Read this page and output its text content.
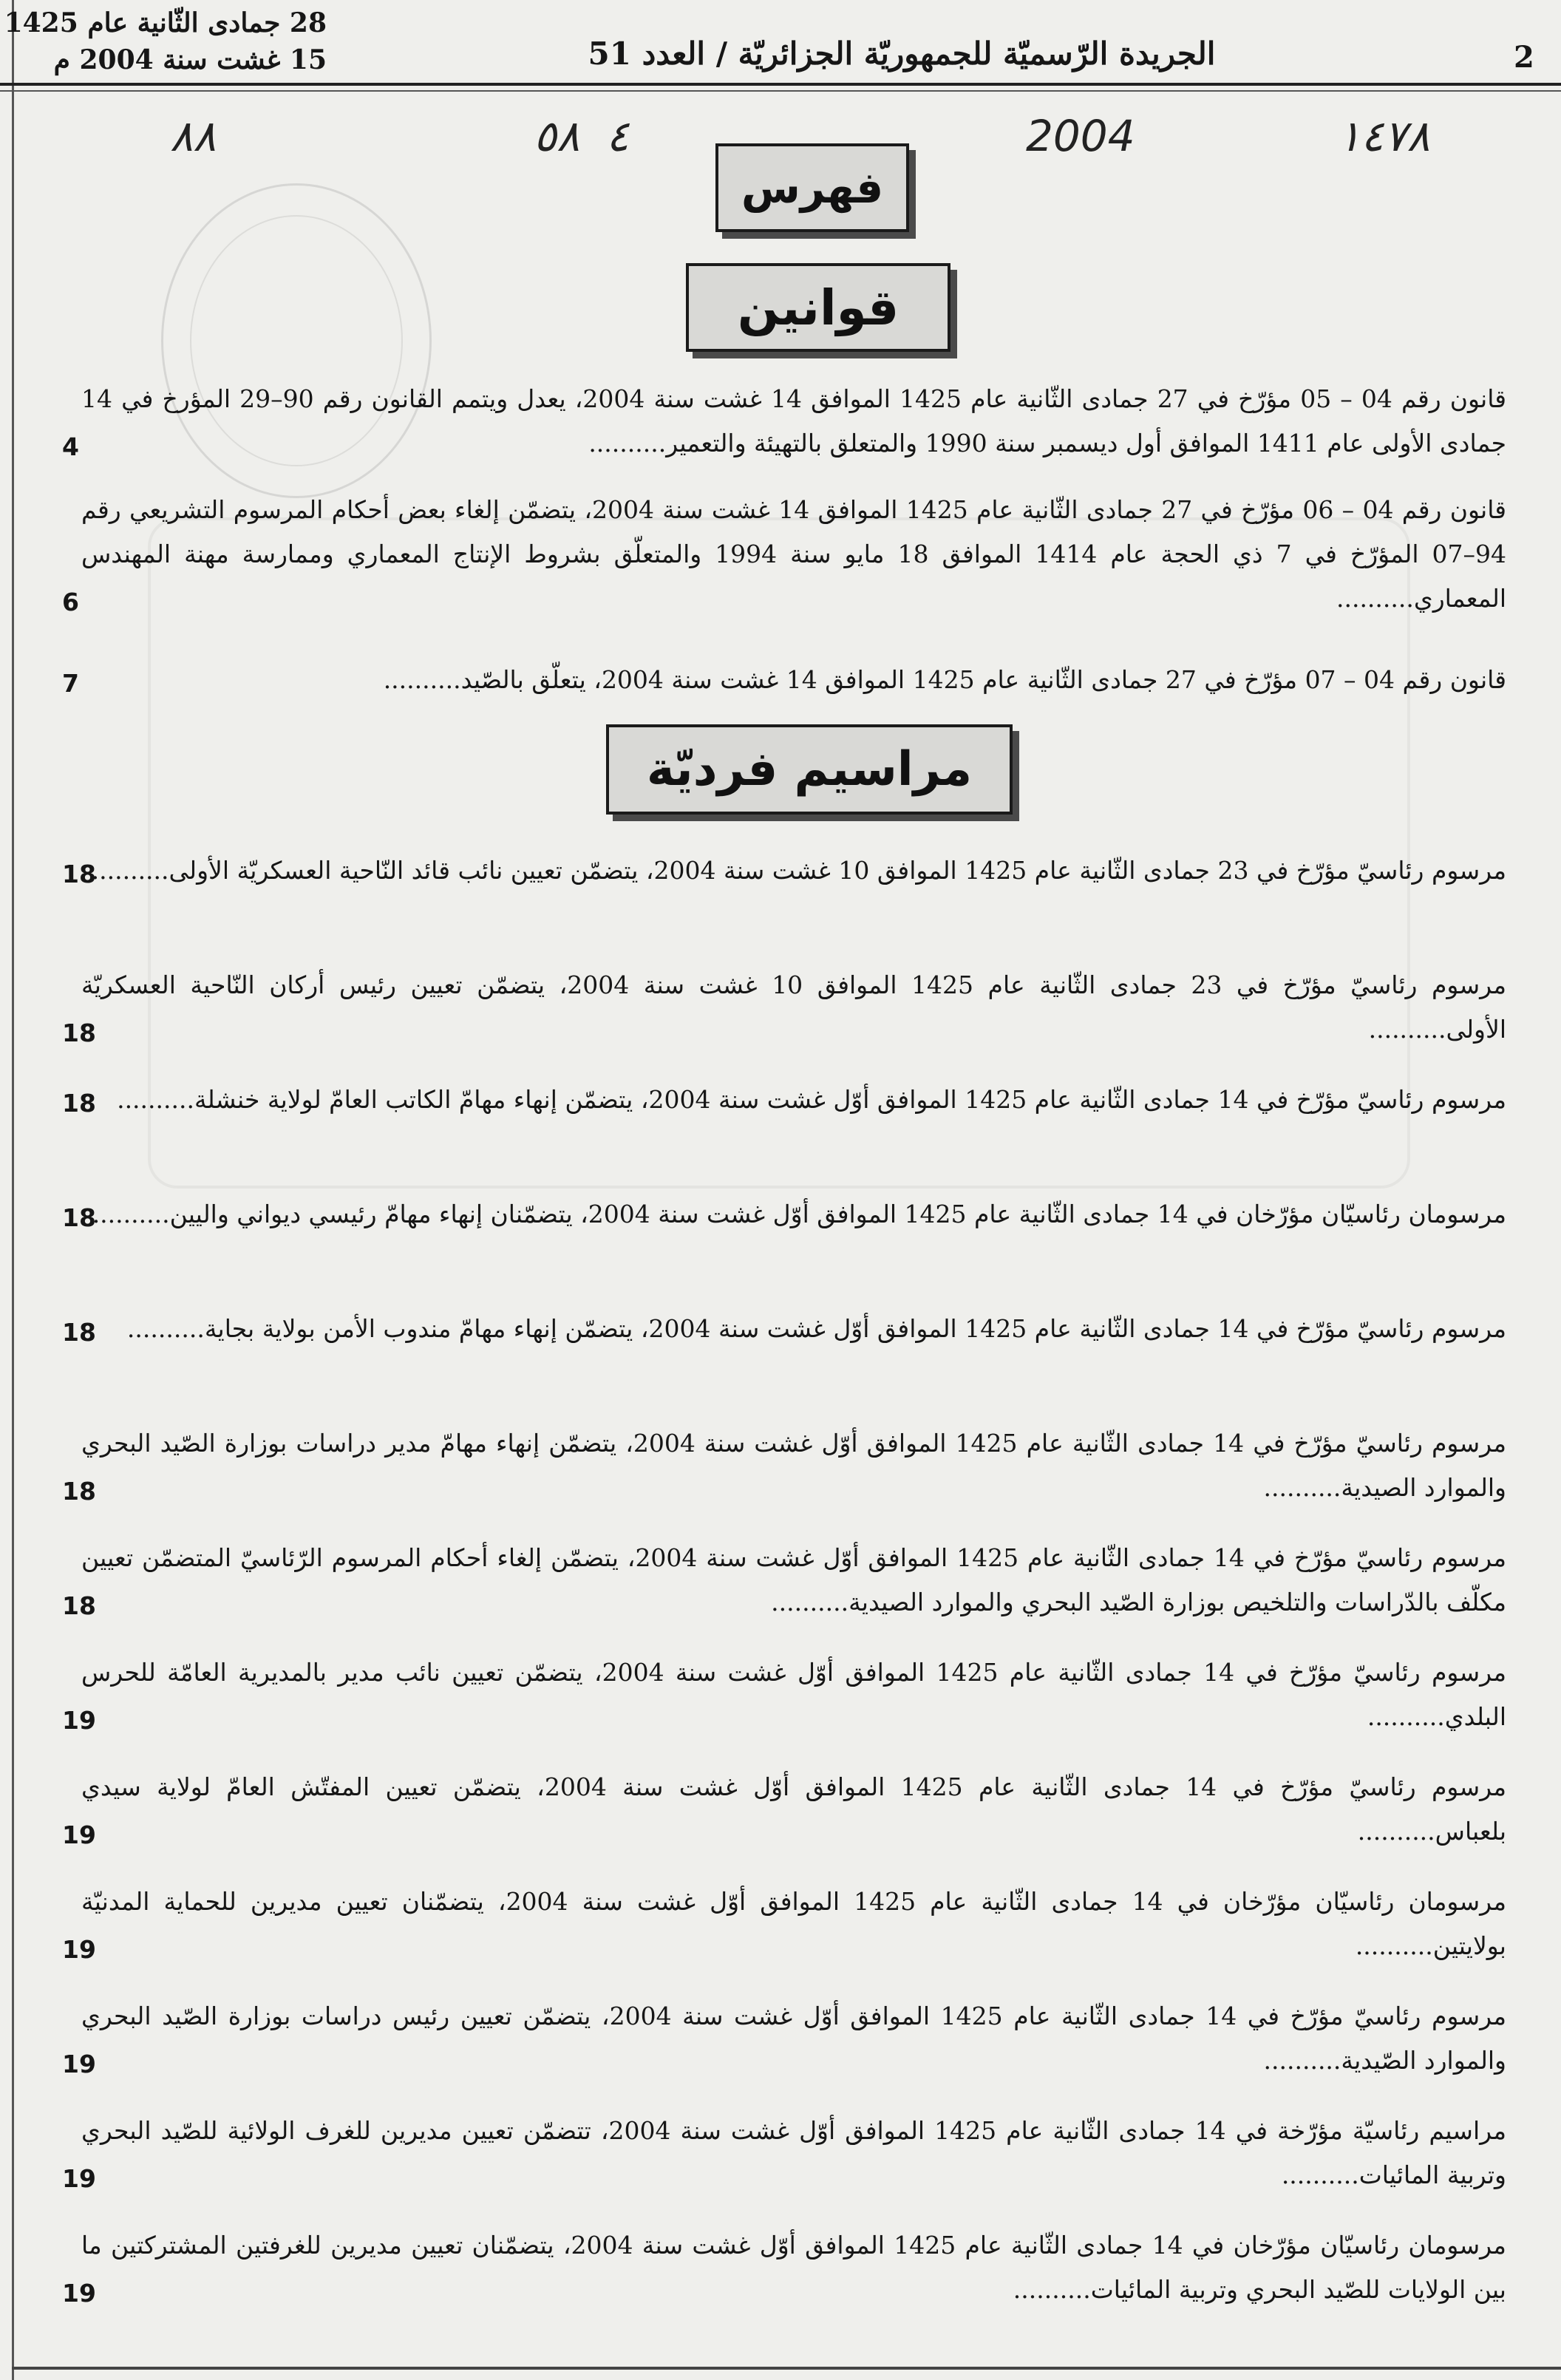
2
الجريدة الرّسميّة للجمهوريّة الجزائريّة / العدد 51
28 جمادى الثّانية عام 1425
15 غشت سنة 2004 م
١٤٧٨
2004
٤
٥٨
٨٨
فهرس
قوانين
مراسيم فرديّة
قانون رقم 04 – 05 مؤرّخ في 27 جمادى الثّانية عام 1425 الموافق 14 غشت سنة 2004، يعدل ويتمم القانون رقم 90–29 المؤرخ في 14 جمادى الأولى عام 1411 الموافق أول ديسمبر سنة 1990 والمتعلق بالتهيئة والتعمير..........
4
قانون رقم 04 – 06 مؤرّخ في 27 جمادى الثّانية عام 1425 الموافق 14 غشت سنة 2004، يتضمّن إلغاء بعض أحكام المرسوم التشريعي رقم 94–07 المؤرّخ في 7 ذي الحجة عام 1414 الموافق 18 مايو سنة 1994 والمتعلّق بشروط الإنتاج المعماري وممارسة مهنة المهندس المعماري..........
6
قانون رقم 04 – 07 مؤرّخ في 27 جمادى الثّانية عام 1425 الموافق 14 غشت سنة 2004، يتعلّق بالصّيد..........
7
مرسوم رئاسيّ مؤرّخ في 23 جمادى الثّانية عام 1425 الموافق 10 غشت سنة 2004، يتضمّن تعيين نائب قائد النّاحية العسكريّة الأولى..........
18
مرسوم رئاسيّ مؤرّخ في 23 جمادى الثّانية عام 1425 الموافق 10 غشت سنة 2004، يتضمّن تعيين رئيس أركان النّاحية العسكريّة الأولى..........
18
مرسوم رئاسيّ مؤرّخ في 14 جمادى الثّانية عام 1425 الموافق أوّل غشت سنة 2004، يتضمّن إنهاء مهامّ الكاتب العامّ لولاية خنشلة..........
18
مرسومان رئاسيّان مؤرّخان في 14 جمادى الثّانية عام 1425 الموافق أوّل غشت سنة 2004، يتضمّنان إنهاء مهامّ رئيسي ديواني واليين..........
18
مرسوم رئاسيّ مؤرّخ في 14 جمادى الثّانية عام 1425 الموافق أوّل غشت سنة 2004، يتضمّن إنهاء مهامّ مندوب الأمن بولاية بجاية..........
18
مرسوم رئاسيّ مؤرّخ في 14 جمادى الثّانية عام 1425 الموافق أوّل غشت سنة 2004، يتضمّن إنهاء مهامّ مدير دراسات بوزارة الصّيد البحري والموارد الصيدية..........
18
مرسوم رئاسيّ مؤرّخ في 14 جمادى الثّانية عام 1425 الموافق أوّل غشت سنة 2004، يتضمّن إلغاء أحكام المرسوم الرّئاسيّ المتضمّن تعيين مكلّف بالدّراسات والتلخيص بوزارة الصّيد البحري والموارد الصيدية..........
18
مرسوم رئاسيّ مؤرّخ في 14 جمادى الثّانية عام 1425 الموافق أوّل غشت سنة 2004، يتضمّن تعيين نائب مدير بالمديرية العامّة للحرس البلدي..........
19
مرسوم رئاسيّ مؤرّخ في 14 جمادى الثّانية عام 1425 الموافق أوّل غشت سنة 2004، يتضمّن تعيين المفتّش العامّ لولاية سيدي بلعباس..........
19
مرسومان رئاسيّان مؤرّخان في 14 جمادى الثّانية عام 1425 الموافق أوّل غشت سنة 2004، يتضمّنان تعيين مديرين للحماية المدنيّة بولايتين..........
19
مرسوم رئاسيّ مؤرّخ في 14 جمادى الثّانية عام 1425 الموافق أوّل غشت سنة 2004، يتضمّن تعيين رئيس دراسات بوزارة الصّيد البحري والموارد الصّيدية..........
19
مراسيم رئاسيّة مؤرّخة في 14 جمادى الثّانية عام 1425 الموافق أوّل غشت سنة 2004، تتضمّن تعيين مديرين للغرف الولائية للصّيد البحري وتربية المائيات..........
19
مرسومان رئاسيّان مؤرّخان في 14 جمادى الثّانية عام 1425 الموافق أوّل غشت سنة 2004، يتضمّنان تعيين مديرين للغرفتين المشتركتين ما بين الولايات للصّيد البحري وتربية المائيات..........
19
